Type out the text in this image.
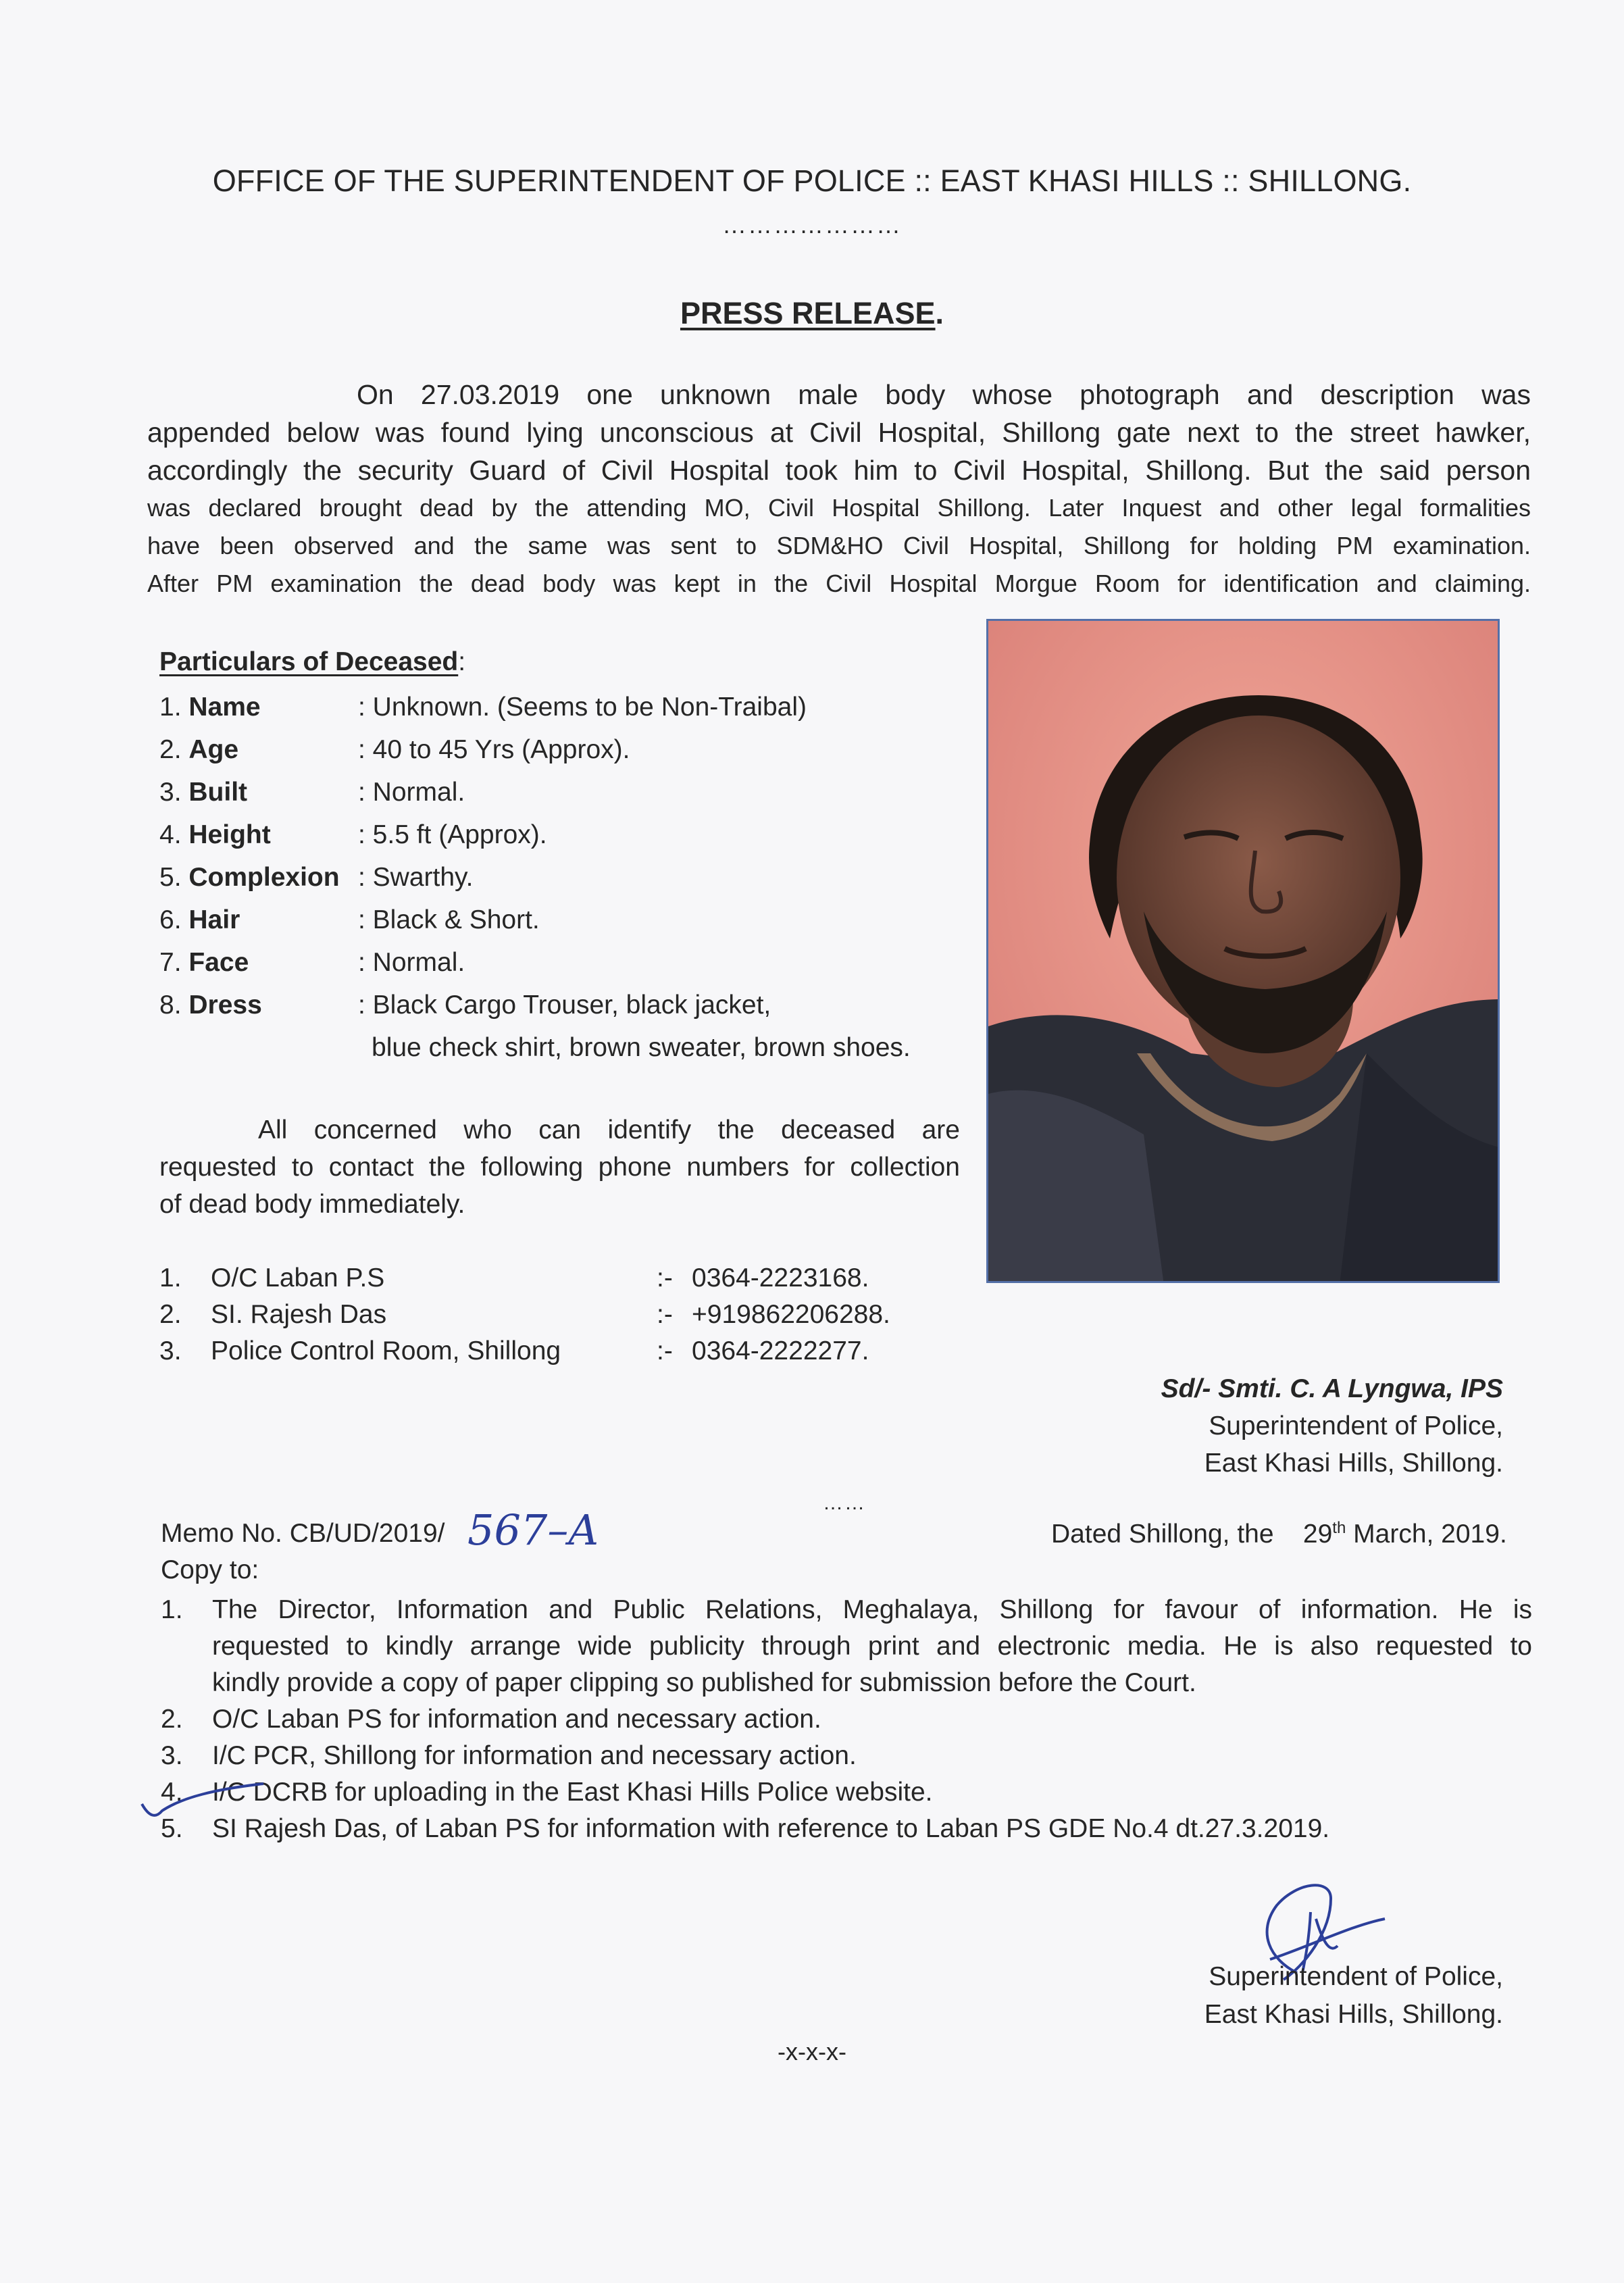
OFFICE OF THE SUPERINTENDENT OF POLICE :: EAST KHASI HILLS :: SHILLONG.
…………………
PRESS RELEASE.
On 27.03.2019 one unknown male body whose photograph and description was
appended below was found lying unconscious at Civil Hospital, Shillong gate next to the street hawker,
accordingly the security Guard of Civil Hospital took him to Civil Hospital, Shillong. But the said person
was declared brought dead by the attending MO, Civil Hospital Shillong. Later Inquest and other legal formalities
have been observed and the same was sent to SDM&HO Civil Hospital, Shillong for holding PM examination.
After PM examination the dead body was kept in the Civil Hospital Morgue Room for identification and claiming.
Particulars of Deceased:
1. Name	: Unknown. (Seems to be Non-Traibal)
2. Age	: 40 to 45 Yrs (Approx).
3. Built	: Normal.
4. Height	: 5.5 ft (Approx).
5. Complexion : Swarthy.
6. Hair	: Black & Short.
7. Face	: Normal.
8. Dress	: Black Cargo Trouser, black jacket,
blue check shirt, brown sweater, brown shoes.
All concerned who can identify the deceased are
requested to contact the following phone numbers for collection
of dead body immediately.
1. O/C Laban P.S	:- 0364-2223168.
2. SI. Rajesh Das	:- +919862206288.
3. Police Control Room, Shillong	:- 0364-2222277.
Sd/- Smti. C. A Lyngwa, IPS
Superintendent of Police,
East Khasi Hills, Shillong.
……
Memo No. CB/UD/2019/ 567–A	Dated Shillong, the 29th March, 2019.
Copy to:
1.	The Director, Information and Public Relations, Meghalaya, Shillong for favour of information. He is
requested to kindly arrange wide publicity through print and electronic media. He is also requested to
kindly provide a copy of paper clipping so published for submission before the Court.
2.	O/C Laban PS for information and necessary action.
3.	I/C PCR, Shillong for information and necessary action.
4.	I/C DCRB for uploading in the East Khasi Hills Police website.
5.	SI Rajesh Das, of Laban PS for information with reference to Laban PS GDE No.4 dt.27.3.2019.
Superintendent of Police,
East Khasi Hills, Shillong.
-x-x-x-
